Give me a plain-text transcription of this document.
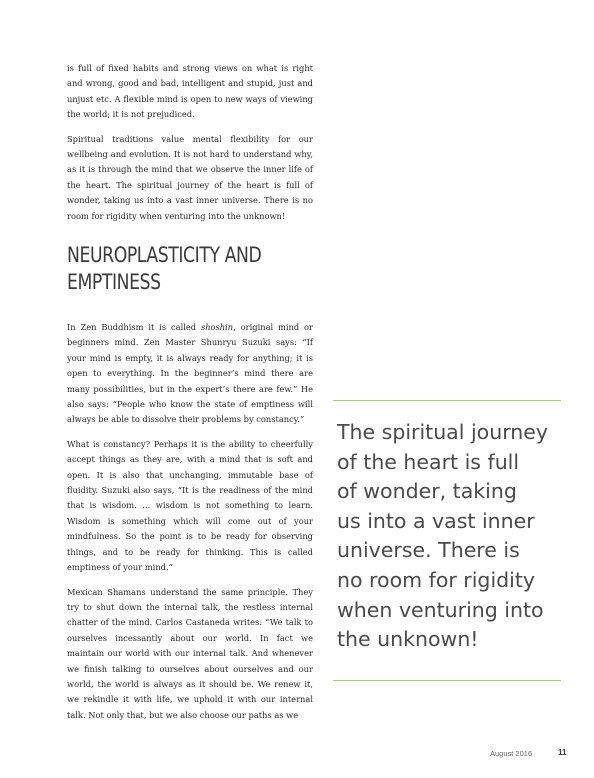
is full of fixed habits and strong views on what is right and wrong, good and bad, intelligent and stupid, just and unjust etc. A flexible mind is open to new ways of viewing the world; it is not prejudiced.

Spiritual traditions value mental flexibility for our wellbeing and evolution. It is not hard to understand why, as it is through the mind that we observe the inner life of the heart. The spiritual journey of the heart is full of wonder, taking us into a vast inner universe. There is no room for rigidity when venturing into the unknown!

NEUROPLASTICITY AND EMPTINESS

In Zen Buddhism it is called shoshin, original mind or beginners mind. Zen Master Shunryu Suzuki says: “If your mind is empty, it is always ready for anything; it is open to everything. In the beginner’s mind there are many possibilities, but in the expert’s there are few.” He also says: “People who know the state of emptiness will always be able to dissolve their problems by constancy.”

What is constancy? Perhaps it is the ability to cheerfully accept things as they are, with a mind that is soft and open. It is also that unchanging, immutable base of fluidity. Suzuki also says, “It is the readiness of the mind that is wisdom. ... wisdom is not something to learn. Wisdom is something which will come out of your mindfulness. So the point is to be ready for observing things, and to be ready for thinking. This is called emptiness of your mind.”

Mexican Shamans understand the same principle. They try to shut down the internal talk, the restless internal chatter of the mind. Carlos Castaneda writes: “We talk to ourselves incessantly about our world. In fact we maintain our world with our internal talk. And whenever we finish talking to ourselves about ourselves and our world, the world is always as it should be. We renew it, we rekindle it with life, we uphold it with our internal talk. Not only that, but we also choose our paths as we

The spiritual journey
of the heart is full
of wonder, taking
us into a vast inner
universe. There is
no room for rigidity
when venturing into
the unknown!
August 2016	11
